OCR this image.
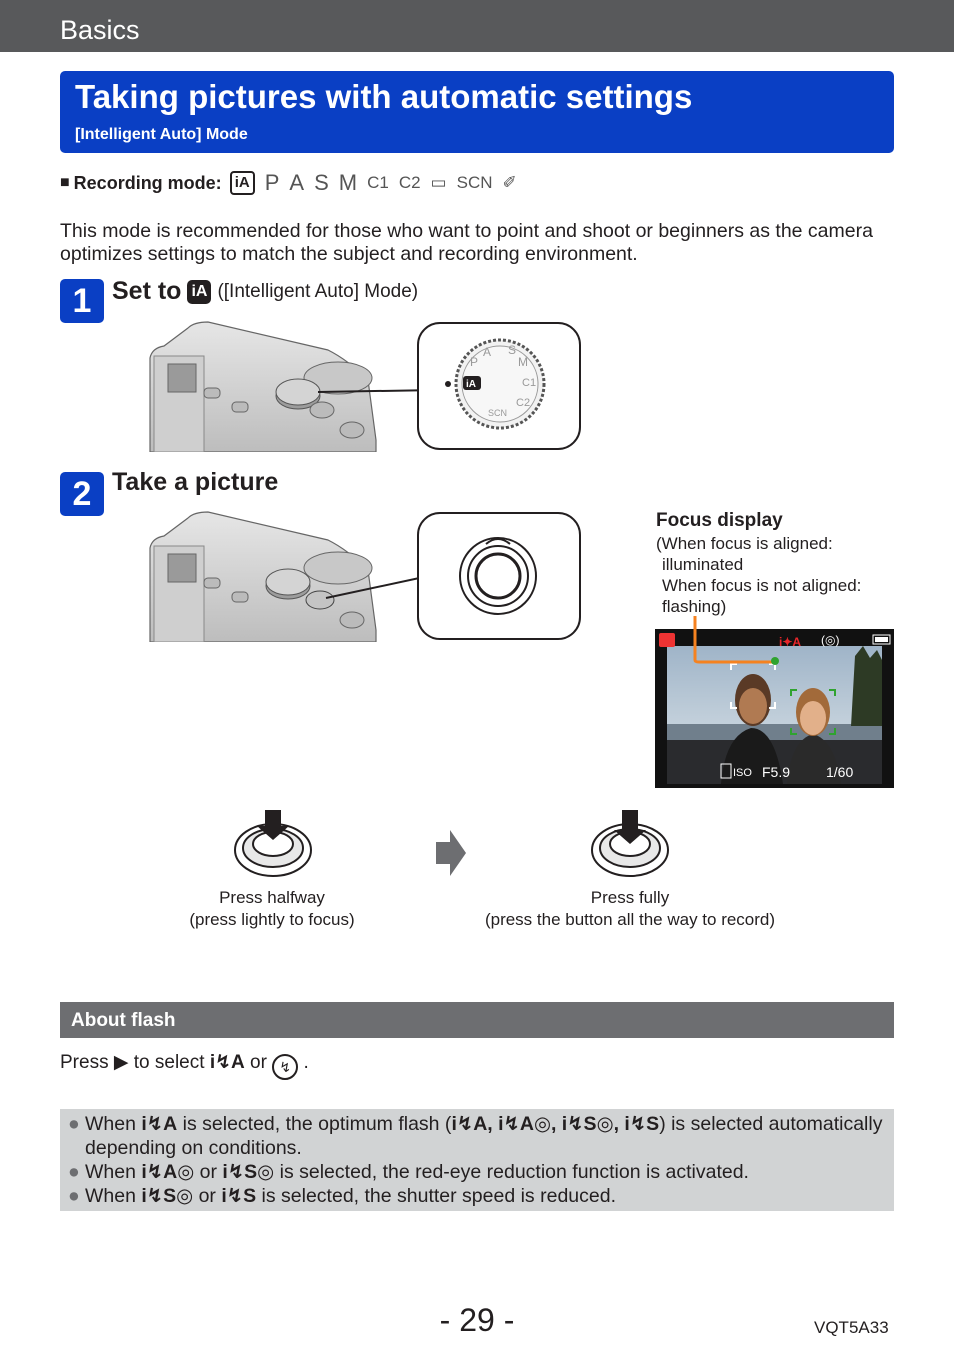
Basics
Taking pictures with automatic settings
[Intelligent Auto] Mode
■ Recording mode: iA P A S M C1 C2 ▭ SCN ✐
This mode is recommended for those who want to point and shoot or beginners as the camera optimizes settings to match the subject and recording environment.
1 Set to iA ([Intelligent Auto] Mode)
iA
P
A S
M
C1
C2
SCN
2 Take a picture
Focus display
(When focus is aligned:
illuminated
When focus is not aligned:
flashing)
i✦A (◎)
ISO F5.9	1/60
Press halfway
(press lightly to focus)
Press fully
(press the button all the way to record)
About flash
Press ▶ to select i↯A or ↯ .
● When i↯A is selected, the optimum flash (i↯A, i↯A◎, i↯S◎, i↯S) is selected automatically
depending on conditions.
● When i↯A◎ or i↯S◎ is selected, the red-eye reduction function is activated.
● When i↯S◎ or i↯S is selected, the shutter speed is reduced.
- 29 -	VQT5A33
